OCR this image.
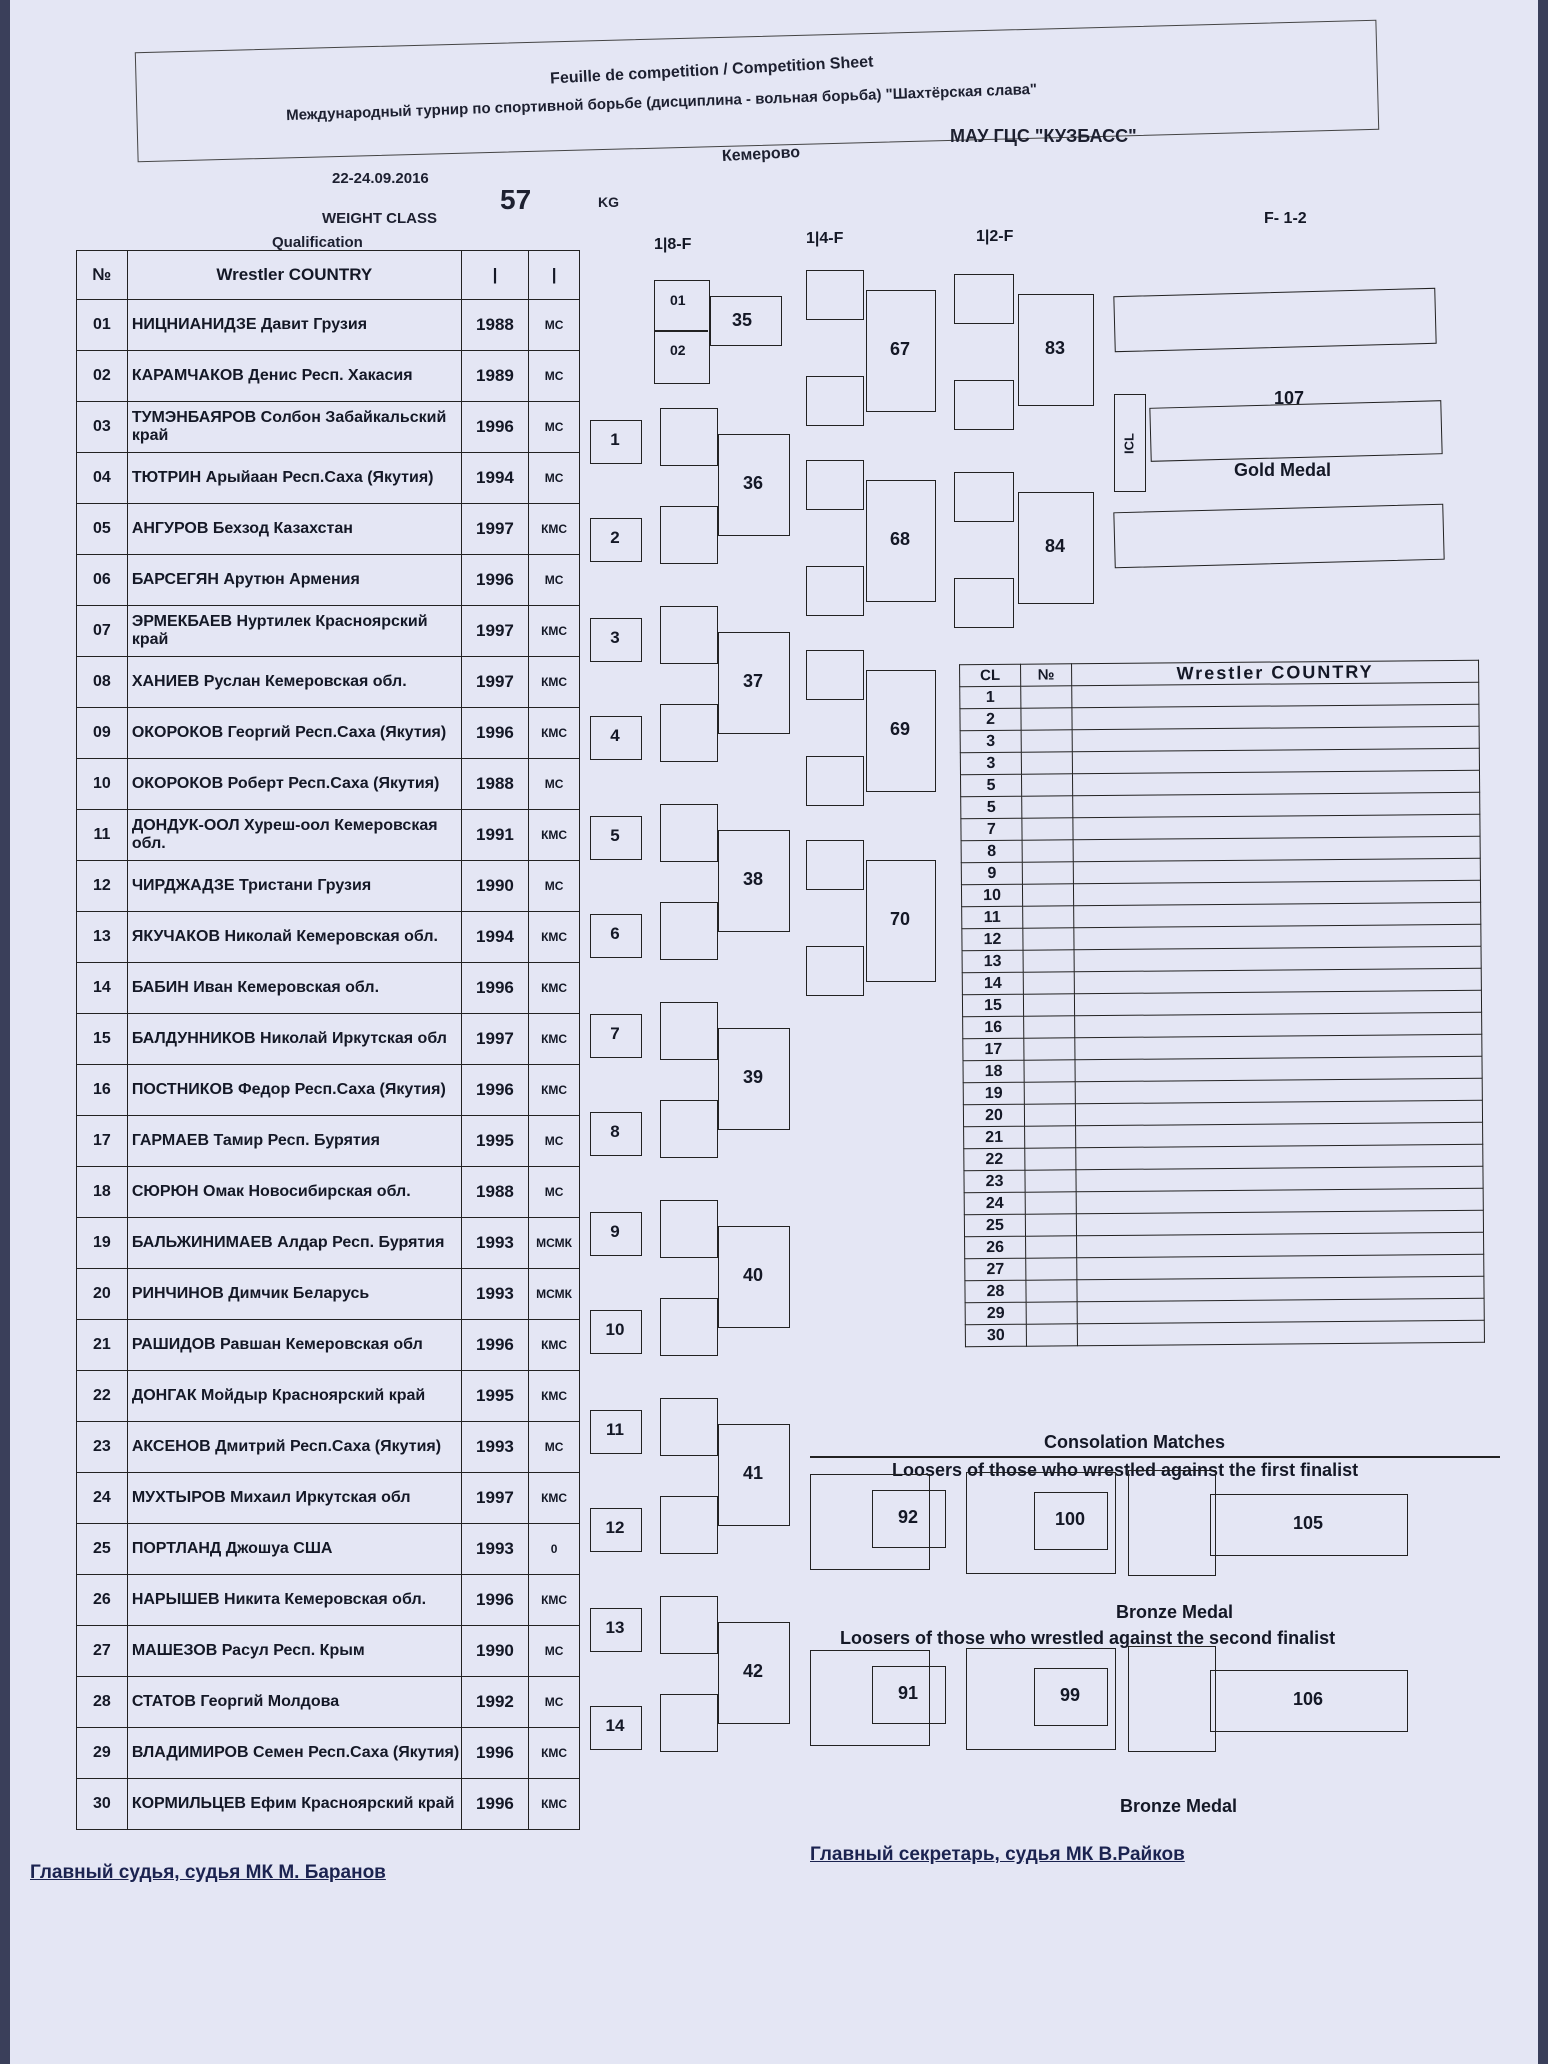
Feuille de competition / Competition Sheet
Международный турнир по спортивной борьбе (дисциплина - вольная борьба) "Шахтёрская слава"
Кемерово
МАУ ГЦС "КУЗБАСС"
22-24.09.2016
WEIGHT CLASS
57	KG
Qualification
№	Wrestler COUNTRY	|	|
01	НИЦНИАНИДЗЕ Давит Грузия	1988	МС
02	КАРАМЧАКОВ Денис Респ. Хакасия	1989	МС
03	ТУМЭНБАЯРОВ Солбон Забайкальский край	1996	МС
04	ТЮТРИН Арыйаан Респ.Саха (Якутия)	1994	МС
05	АНГУРОВ Бехзод Казахстан	1997	КМС
06	БАРСЕГЯН Арутюн Армения	1996	МС
07	ЭРМЕКБАЕВ Нуртилек Красноярский край	1997	КМС
08	ХАНИЕВ Руслан Кемеровская обл.	1997	КМС
09	ОКОРОКОВ Георгий Респ.Саха (Якутия)	1996	КМС
10	ОКОРОКОВ Роберт Респ.Саха (Якутия)	1988	МС
11	ДОНДУК-ООЛ Хуреш-оол Кемеровская обл.	1991	КМС
12	ЧИРДЖАДЗЕ Тристани Грузия	1990	МС
13	ЯКУЧАКОВ Николай Кемеровская обл.	1994	КМС
14	БАБИН Иван Кемеровская обл.	1996	КМС
15	БАЛДУННИКОВ Николай Иркутская обл	1997	КМС
16	ПОСТНИКОВ Федор Респ.Саха (Якутия)	1996	КМС
17	ГАРМАЕВ Тамир Респ. Бурятия	1995	МС
18	СЮРЮН Омак Новосибирская обл.	1988	МС
19	БАЛЬЖИНИМАЕВ Алдар Респ. Бурятия	1993	МСМК
20	РИНЧИНОВ Димчик Беларусь	1993	МСМК
21	РАШИДОВ Равшан Кемеровская обл	1996	КМС
22	ДОНГАК Мойдыр Красноярский край	1995	КМС
23	АКСЕНОВ Дмитрий Респ.Саха (Якутия)	1993	МС
24	МУХТЫРОВ Михаил Иркутская обл	1997	КМС
25	ПОРТЛАНД Джошуа США	1993	0
26	НАРЫШЕВ Никита Кемеровская обл.	1996	КМС
27	МАШЕЗОВ Расул Респ. Крым	1990	МС
28	СТАТОВ Георгий Молдова	1992	МС
29	ВЛАДИМИРОВ Семен Респ.Саха (Якутия)	1996	КМС
30	КОРМИЛЬЦЕВ Ефим Красноярский край	1996	КМС
1|8-F	1|4-F	1|2-F
F- 1-2
01
02
35
1
2
3
4
5
6
7
8
9
10
11
12
13
14
36
37
38
39
40
41
42
67
68
69
70
83
84
ICL
107
Gold Medal
CL	№	Wrestler COUNTRY
1		
2		
3		
3		
5		
5		
7		
8		
9		
10		
11		
12		
13		
14		
15		
16		
17		
18		
19		
20		
21		
22		
23		
24		
25		
26		
27		
28		
29		
30		
Consolation Matches
Loosers of those who wrestled against the first finalist
Loosers of those who wrestled against the second finalist
92	100	105
91	99	106
Bronze Medal
Bronze Medal
Главный судья, судья МК М. Баранов
Главный секретарь, судья МК В.Райков
